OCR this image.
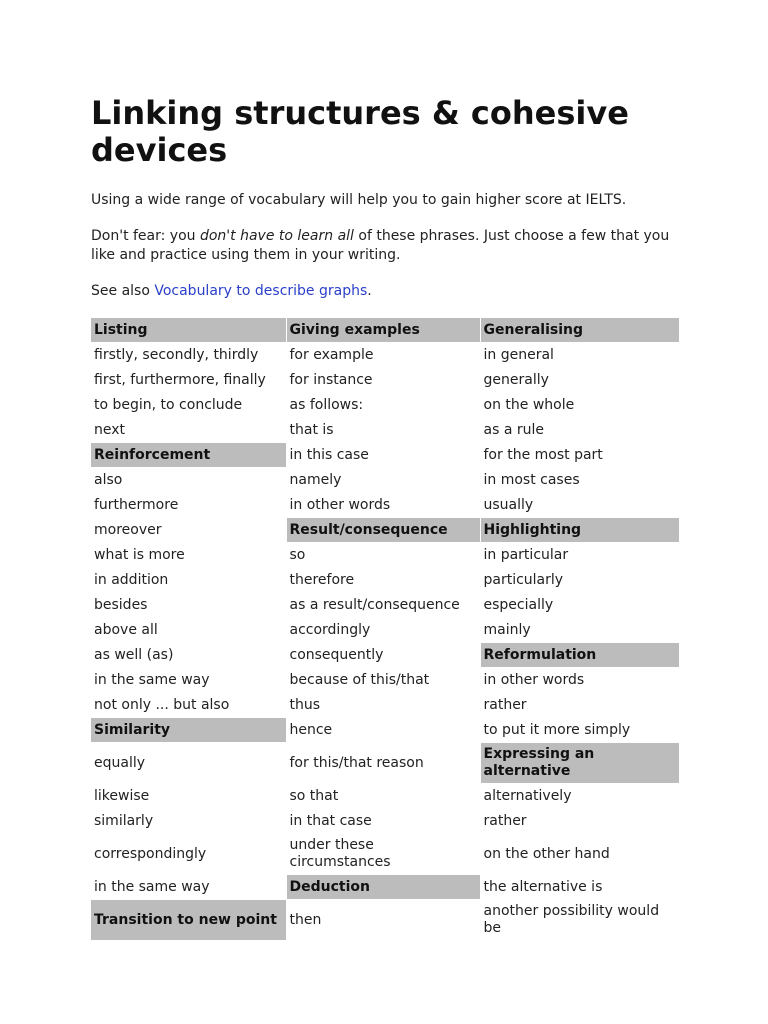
Linking structures & cohesive devices

Using a wide range of vocabulary will help you to gain higher score at IELTS.

Don't fear: you don't have to learn all of these phrases. Just choose a few that you like and practice using them in your writing.

See also Vocabulary to describe graphs.

Listing	Giving examples	Generalising
firstly, secondly, thirdly	for example	in general
first, furthermore, finally	for instance	generally
to begin, to conclude	as follows:	on the whole
next	that is	as a rule
Reinforcement	in this case	for the most part
also	namely	in most cases
furthermore	in other words	usually
moreover	Result/consequence	Highlighting
what is more	so	in particular
in addition	therefore	particularly
besides	as a result/consequence	especially
above all	accordingly	mainly
as well (as)	consequently	Reformulation
in the same way	because of this/that	in other words
not only ... but also	thus	rather
Similarity	hence	to put it more simply
equally	for this/that reason	Expressing an alternative
likewise	so that	alternatively
similarly	in that case	rather
correspondingly	under these circumstances	on the other hand
in the same way	Deduction	the alternative is
Transition to new point	then	another possibility would be
